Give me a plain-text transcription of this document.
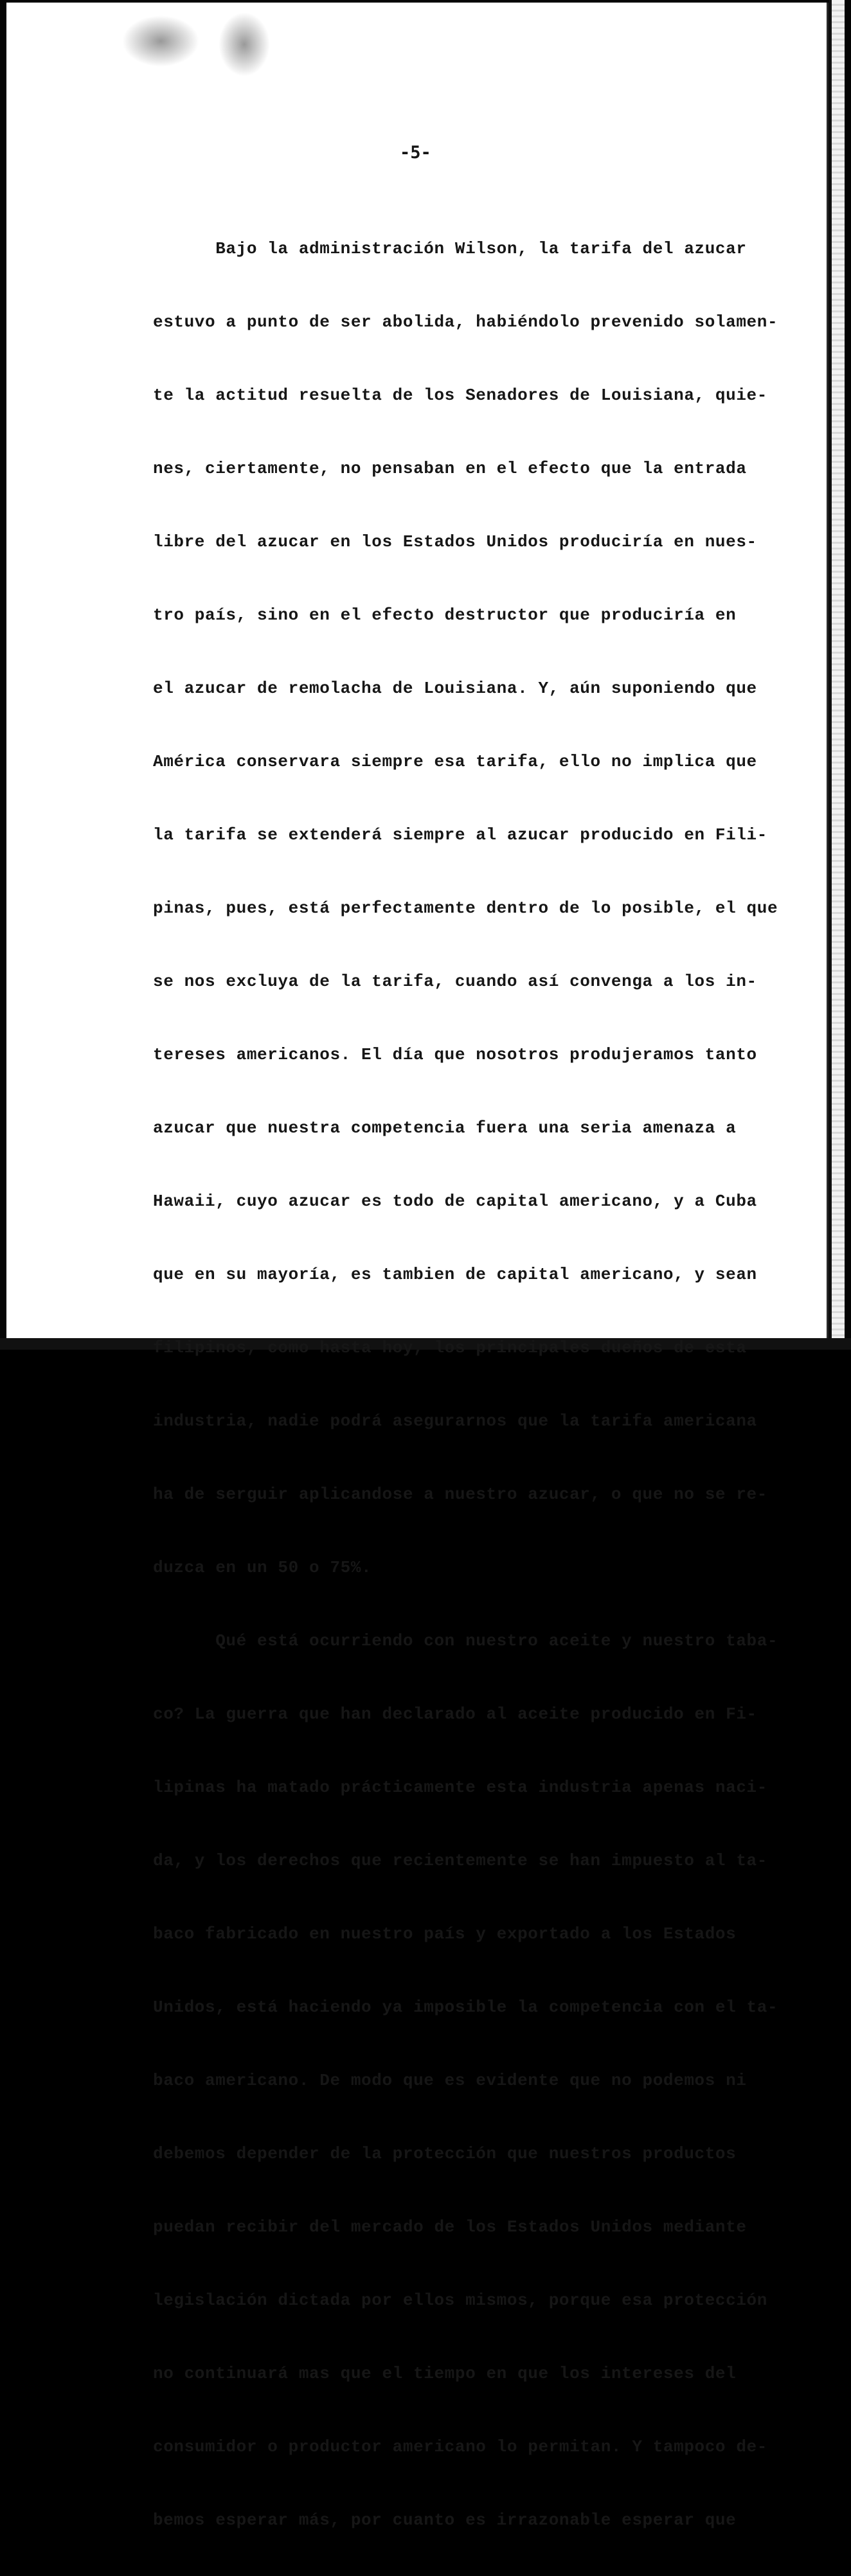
-5-

Bajo la administración Wilson, la tarifa del azucar

estuvo a punto de ser abolida, habiéndolo prevenido solamen-

te la actitud resuelta de los Senadores de Louisiana, quie-

nes, ciertamente, no pensaban en el efecto que la entrada

libre del azucar en los Estados Unidos produciría en nues-

tro país, sino en el efecto destructor que produciría en

el azucar de remolacha de Louisiana. Y, aún suponiendo que

América conservara siempre esa tarifa, ello no implica que

la tarifa se extenderá siempre al azucar producido en Fili-

pinas, pues, está perfectamente dentro de lo posible, el que

se nos excluya de la tarifa, cuando así convenga a los in-

tereses americanos. El día que nosotros produjeramos tanto

azucar que nuestra competencia fuera una seria amenaza a

Hawaii, cuyo azucar es todo de capital americano, y a Cuba

que en su mayoría, es tambien de capital americano, y sean

filipinos, como hasta hoy, los principales dueños de esta

industria, nadie podrá asegurarnos que la tarifa americana

ha de serguir aplicandose a nuestro azucar, o que no se re-

duzca en un 50 o 75%.

Qué está ocurriendo con nuestro aceite y nuestro taba-

co? La guerra que han declarado al aceite producido en Fi-

lipinas ha matado prácticamente esta industria apenas naci-

da, y los derechos que recientemente se han impuesto al ta-

baco fabricado en nuestro país y exportado a los Estados

Unidos, está haciendo ya imposible la competencia con el ta-

baco americano. De modo que es evidente que no podemos ni

debemos depender de la protección que nuestros productos

puedan recibir del mercado de los Estados Unidos mediante

legislación dictada por ellos mismos, porque esa protección

no continuará mas que el tiempo en que los intereses del

consumidor o productor americano lo permitan. Y tampoco de-

bemos esperar más, por cuanto es irrazonable esperar que
